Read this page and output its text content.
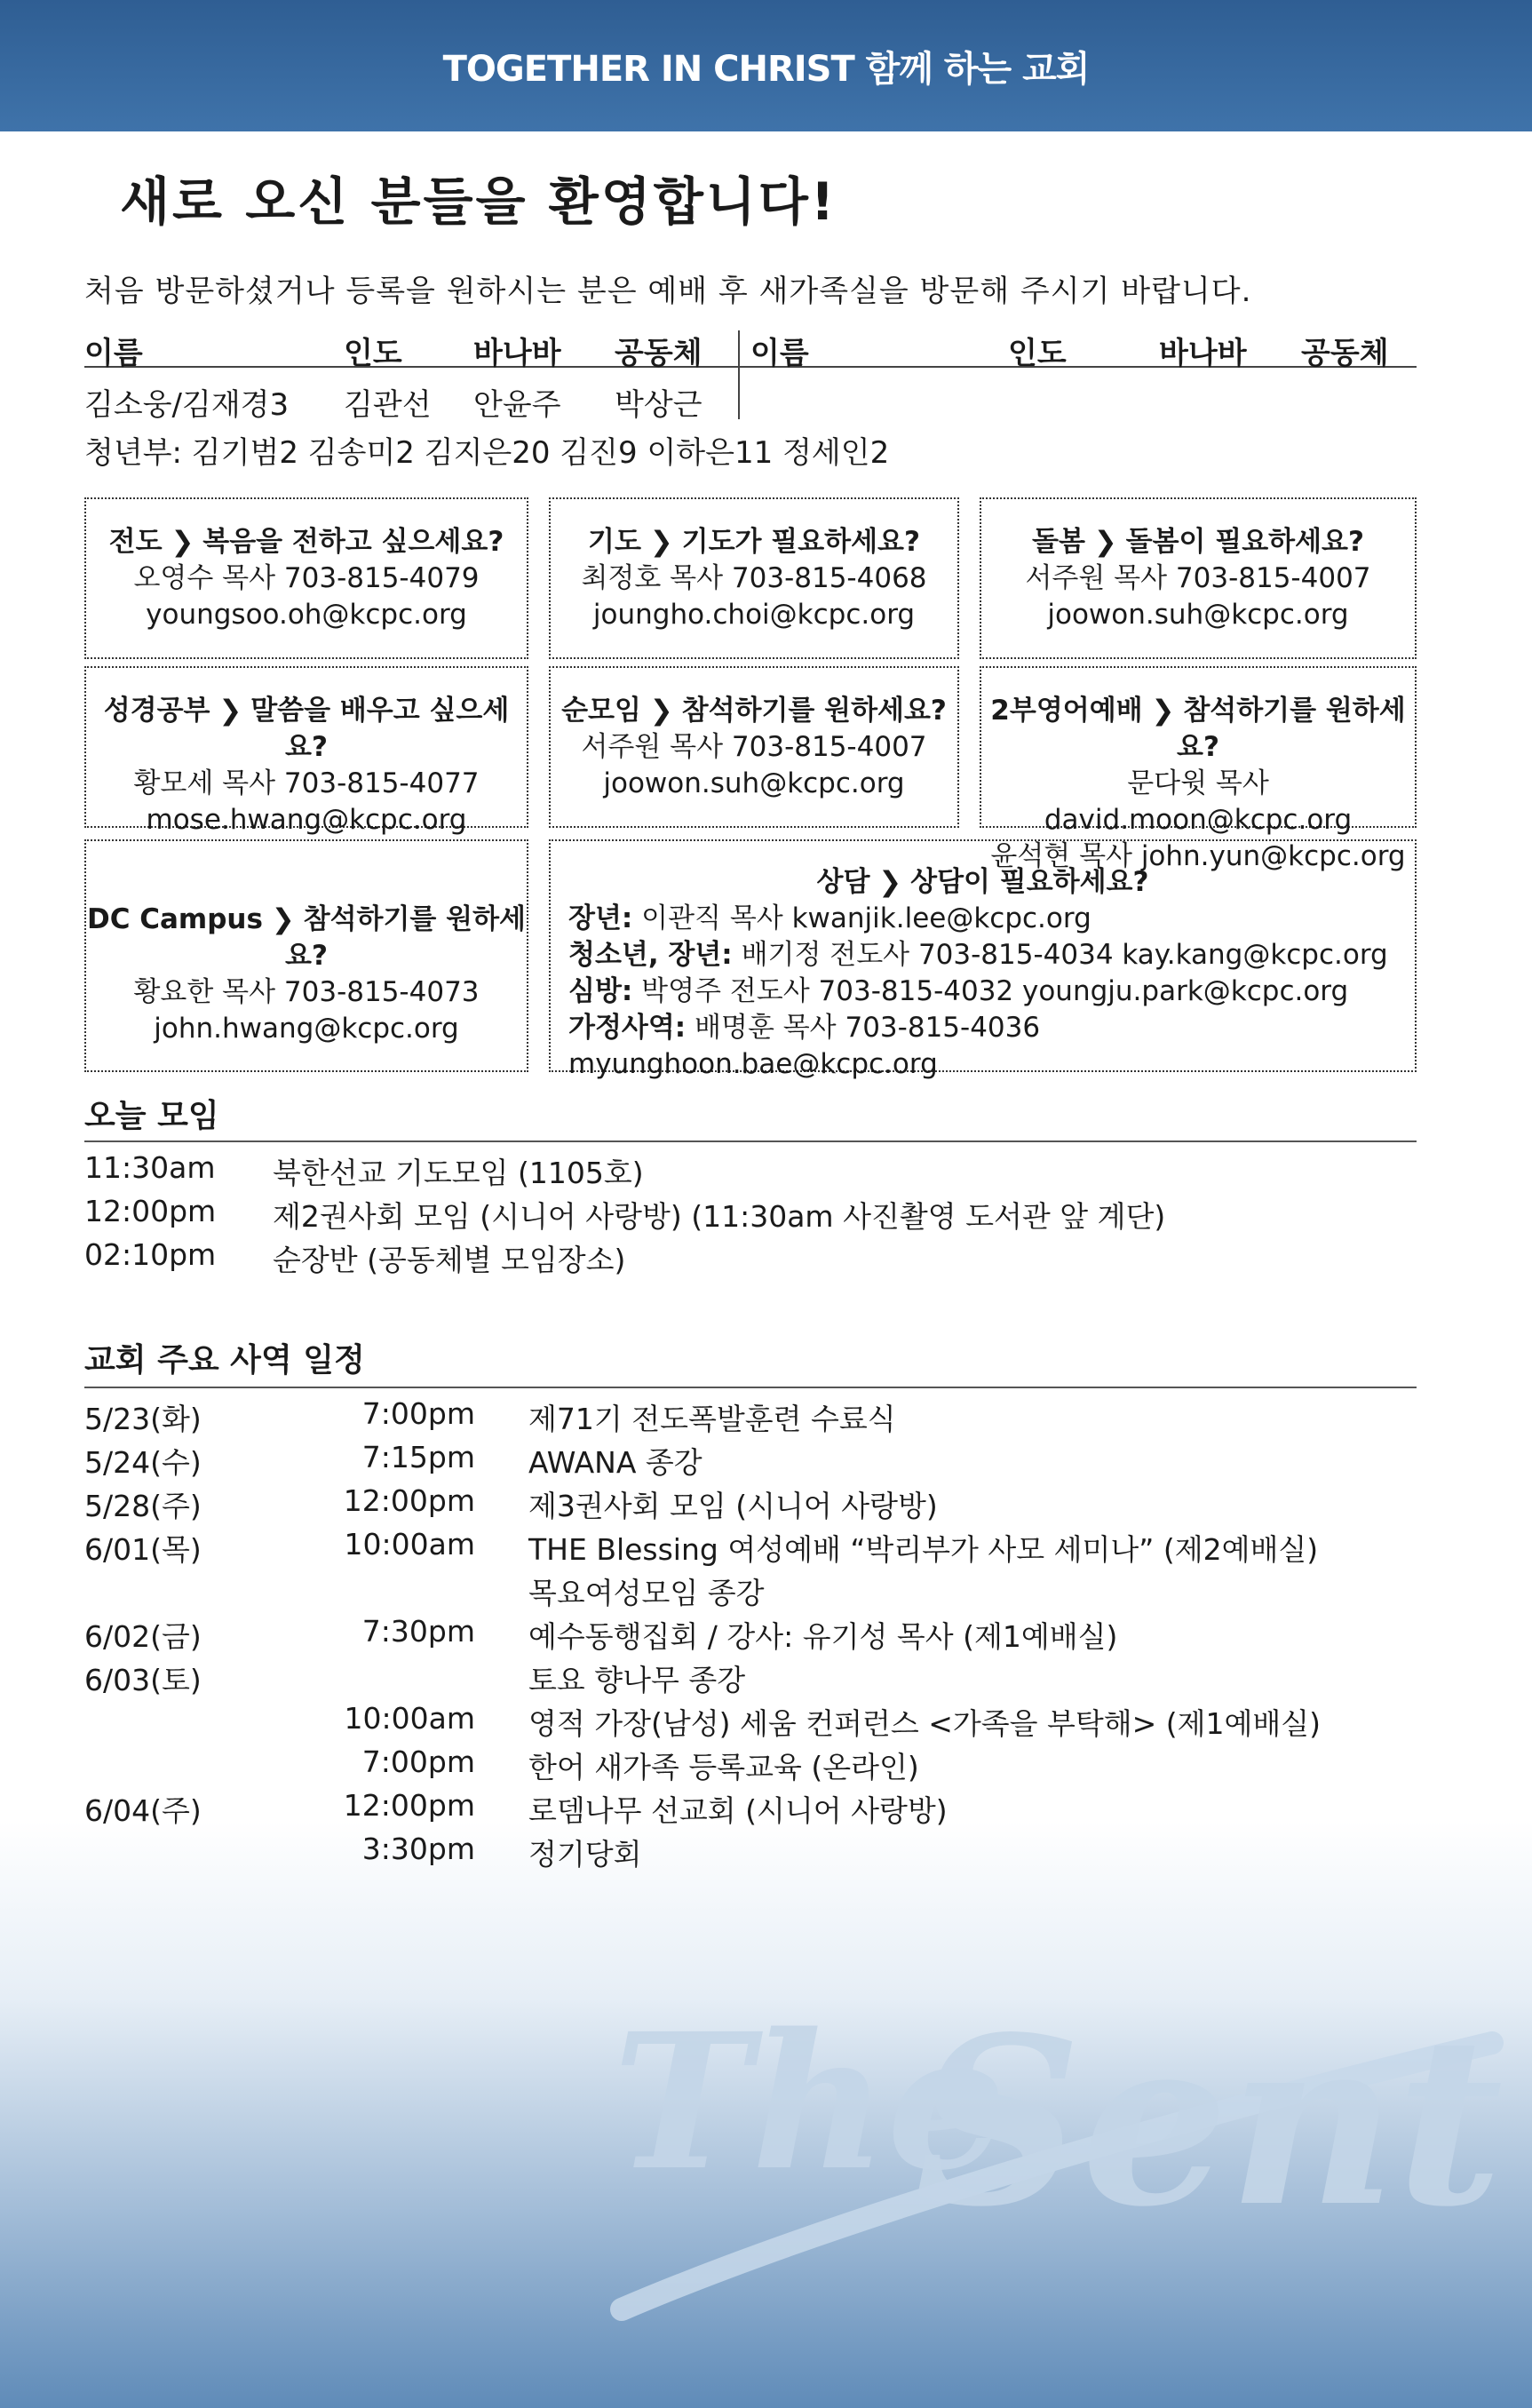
TOGETHER IN CHRIST 함께 하는 교회
새로 오신 분들을 환영합니다!
처음 방문하셨거나 등록을 원하시는 분은 예배 후 새가족실을 방문해 주시기 바랍니다.
이름	인도 바나바 공동체 이름	인도	바나바 공동체
김소웅/김재경3 김관선 안윤주 박상근
청년부: 김기범2 김송미2 김지은20 김진9 이하은11 정세인2
전도 ❯ 복음을 전하고 싶으세요?
오영수 목사 703-815-4079
youngsoo.oh@kcpc.org
기도 ❯ 기도가 필요하세요?
최정호 목사 703-815-4068
joungho.choi@kcpc.org
돌봄 ❯ 돌봄이 필요하세요?
서주원 목사 703-815-4007
joowon.suh@kcpc.org
성경공부 ❯ 말씀을 배우고 싶으세요?
황모세 목사 703-815-4077
mose.hwang@kcpc.org
순모임 ❯ 참석하기를 원하세요?
서주원 목사 703-815-4007
joowon.suh@kcpc.org
2부영어예배 ❯ 참석하기를 원하세요?
문다윗 목사 david.moon@kcpc.org
윤석현 목사 john.yun@kcpc.org
DC Campus ❯ 참석하기를 원하세요?
황요한 목사 703-815-4073
john.hwang@kcpc.org
상담 ❯ 상담이 필요하세요?
장년: 이관직 목사 kwanjik.lee@kcpc.org
청소년, 장년: 배기정 전도사 703-815-4034 kay.kang@kcpc.org
심방: 박영주 전도사 703-815-4032 youngju.park@kcpc.org
가정사역: 배명훈 목사 703-815-4036 myunghoon.bae@kcpc.org
오늘 모임
11:30am 북한선교 기도모임 (1105호)
12:00pm 제2권사회 모임 (시니어 사랑방) (11:30am 사진촬영 도서관 앞 계단)
02:10pm 순장반 (공동체별 모임장소)
교회 주요 사역 일정
5/23(화)	7:00pm 제71기 전도폭발훈련 수료식
5/24(수)	7:15pm AWANA 종강
5/28(주)	12:00pm 제3권사회 모임 (시니어 사랑방)
6/01(목)	10:00am THE Blessing 여성예배 “박리부가 사모 세미나” (제2예배실)
목요여성모임 종강
6/02(금)	7:30pm 예수동행집회 / 강사: 유기성 목사 (제1예배실)
6/03(토)	토요 향나무 종강
10:00am 영적 가장(남성) 세움 컨퍼런스 <가족을 부탁해> (제1예배실)
7:00pm 한어 새가족 등록교육 (온라인)
6/04(주)	12:00pm 로뎀나무 선교회 (시니어 사랑방)
3:30pm 정기당회
The
Sent
